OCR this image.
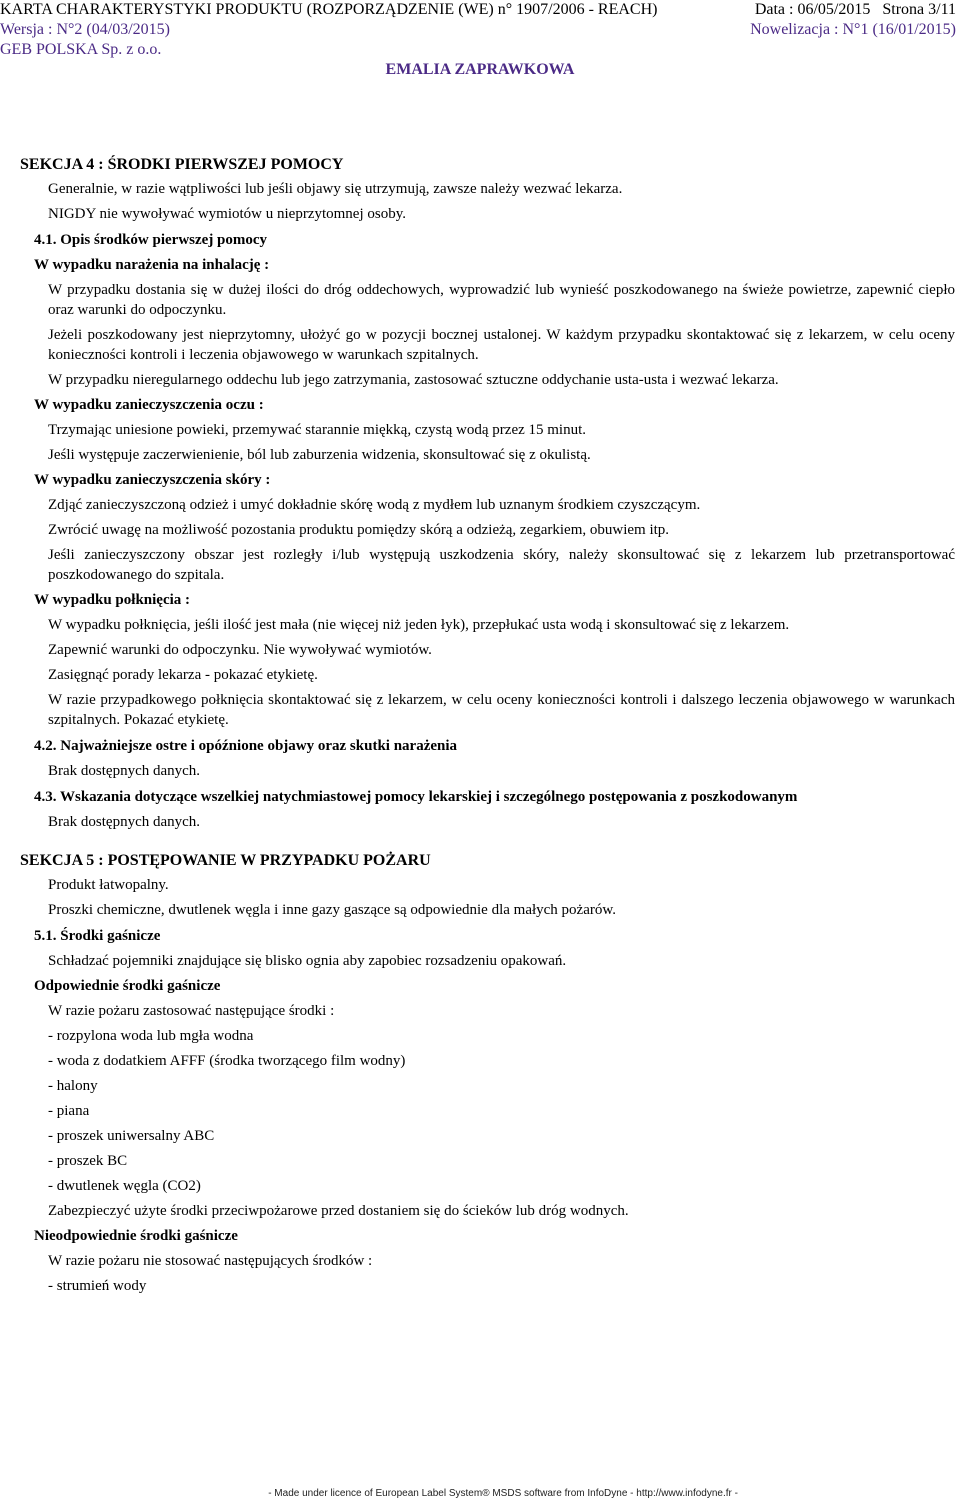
KARTA CHARAKTERYSTYKI PRODUKTU (ROZPORZĄDZENIE (WE) n° 1907/2006 - REACH)	Data : 06/05/2015 Strona 3/11
Wersja : N°2 (04/03/2015)	Nowelizacja : N°1 (16/01/2015)
GEB POLSKA Sp. z o.o.
EMALIA ZAPRAWKOWA
SEKCJA 4 : ŚRODKI PIERWSZEJ POMOCY
Generalnie, w razie wątpliwości lub jeśli objawy się utrzymują, zawsze należy wezwać lekarza.
NIGDY nie wywoływać wymiotów u nieprzytomnej osoby.
4.1. Opis środków pierwszej pomocy
W wypadku narażenia na inhalację :
W przypadku dostania się w dużej ilości do dróg oddechowych, wyprowadzić lub wynieść poszkodowanego na świeże powietrze, zapewnić ciepło oraz warunki do odpoczynku.
Jeżeli poszkodowany jest nieprzytomny, ułożyć go w pozycji bocznej ustalonej. W każdym przypadku skontaktować się z lekarzem, w celu oceny konieczności kontroli i leczenia objawowego w warunkach szpitalnych.
W przypadku nieregularnego oddechu lub jego zatrzymania, zastosować sztuczne oddychanie usta-usta i wezwać lekarza.
W wypadku zanieczyszczenia oczu :
Trzymając uniesione powieki, przemywać starannie miękką, czystą wodą przez 15 minut.
Jeśli występuje zaczerwienienie, ból lub zaburzenia widzenia, skonsultować się z okulistą.
W wypadku zanieczyszczenia skóry :
Zdjąć zanieczyszczoną odzież i umyć dokładnie skórę wodą z mydłem lub uznanym środkiem czyszczącym.
Zwrócić uwagę na możliwość pozostania produktu pomiędzy skórą a odzieżą, zegarkiem, obuwiem itp.
Jeśli zanieczyszczony obszar jest rozległy i/lub występują uszkodzenia skóry, należy skonsultować się z lekarzem lub przetransportować poszkodowanego do szpitala.
W wypadku połknięcia :
W wypadku połknięcia, jeśli ilość jest mała (nie więcej niż jeden łyk), przepłukać usta wodą i skonsultować się z lekarzem.
Zapewnić warunki do odpoczynku. Nie wywoływać wymiotów.
Zasięgnąć porady lekarza - pokazać etykietę.
W razie przypadkowego połknięcia skontaktować się z lekarzem, w celu oceny konieczności kontroli i dalszego leczenia objawowego w warunkach szpitalnych. Pokazać etykietę.
4.2. Najważniejsze ostre i opóźnione objawy oraz skutki narażenia
Brak dostępnych danych.
4.3. Wskazania dotyczące wszelkiej natychmiastowej pomocy lekarskiej i szczególnego postępowania z poszkodowanym
Brak dostępnych danych.
SEKCJA 5 : POSTĘPOWANIE W PRZYPADKU POŻARU
Produkt łatwopalny.
Proszki chemiczne, dwutlenek węgla i inne gazy gaszące są odpowiednie dla małych pożarów.
5.1. Środki gaśnicze
Schładzać pojemniki znajdujące się blisko ognia aby zapobiec rozsadzeniu opakowań.
Odpowiednie środki gaśnicze
W razie pożaru zastosować następujące środki :
- rozpylona woda lub mgła wodna
- woda z dodatkiem AFFF (środka tworzącego film wodny)
- halony
- piana
- proszek uniwersalny ABC
- proszek BC
- dwutlenek węgla (CO2)
Zabezpieczyć użyte środki przeciwpożarowe przed dostaniem się do ścieków lub dróg wodnych.
Nieodpowiednie środki gaśnicze
W razie pożaru nie stosować następujących środków :
- strumień wody
- Made under licence of European Label System® MSDS software from InfoDyne - http://www.infodyne.fr -
